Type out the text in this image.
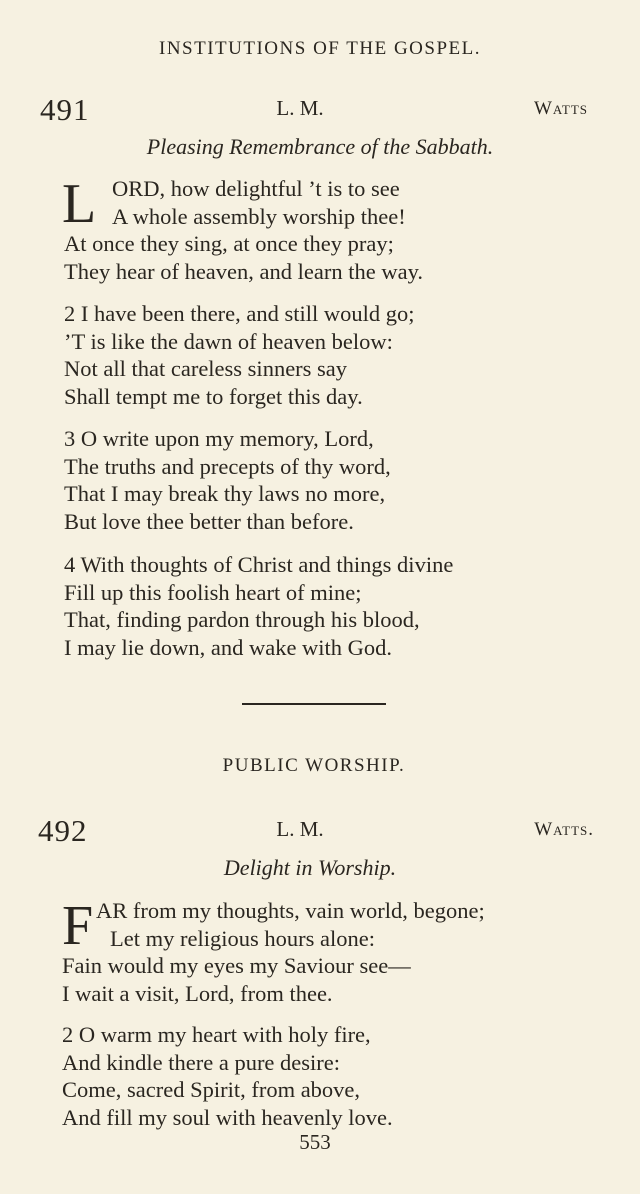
INSTITUTIONS OF THE GOSPEL.
491	L. M.	Watts
Pleasing Remembrance of the Sabbath.
L ORD, how delightful ’t is to see
A whole assembly worship thee!
At once they sing, at once they pray;
They hear of heaven, and learn the way.
2 I have been there, and still would go;
’T is like the dawn of heaven below:
Not all that careless sinners say
Shall tempt me to forget this day.
3 O write upon my memory, Lord,
The truths and precepts of thy word,
That I may break thy laws no more,
But love thee better than before.
4 With thoughts of Christ and things divine
Fill up this foolish heart of mine;
That, finding pardon through his blood,
I may lie down, and wake with God.
PUBLIC WORSHIP.
492	L. M.	Watts.
Delight in Worship.
F AR from my thoughts, vain world, begone;
Let my religious hours alone:
Fain would my eyes my Saviour see—
I wait a visit, Lord, from thee.
2 O warm my heart with holy fire,
And kindle there a pure desire:
Come, sacred Spirit, from above,
And fill my soul with heavenly love.
553
